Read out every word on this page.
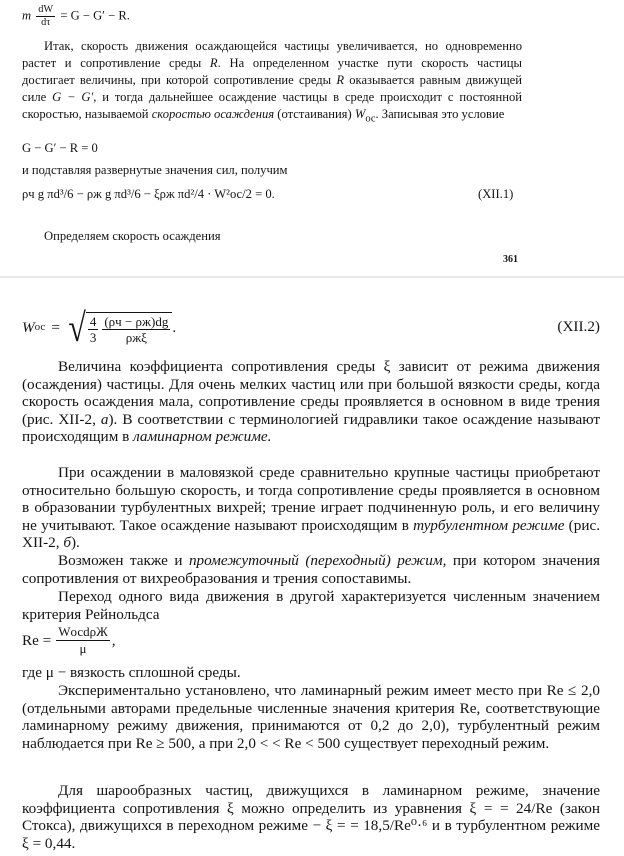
m $\frac{dW}{d\tau} = G - G' - R$.

Итак, скорость движения осаждающейся частицы увеличивается, но одновременно растет и сопротивление среды R. На определенном участке пути скорость частицы достигает величины, при которой сопротивление среды R оказывается равным движущей силе G − G′, и тогда дальнейшее осаждение частицы в среде происходит с постоянной скоростью, называемой скоростью осаждения (отстаивания) $W_{ос}$. Записывая это условие

G − G′ − R = 0
и подставляя развернутые значения сил, получим
ρч g πd³/6 − ρж g πd³/6 − ξρж πd²/4 · W²ос/2 = 0.	(XII.1)
Определяем скорость осаждения
361
W ос = √ $\frac{4}{3} \frac{(\rho ч - \rho ж)dg}{\text{ρжξ}}$ .	(XII.2)

Величина коэффициента сопротивления среды ξ зависит от режима движения (осаждения) частицы. Для очень мелких частиц или при большой вязкости среды, когда скорость осаждения мала, сопротивление среды проявляется в основном в виде трения (рис. XII-2, а). В соответствии с терминологией гидравлики такое осаждение называют происходящим в ламинарном режиме.

При осаждении в маловязкой среде сравнительно крупные частицы приобретают относительно большую скорость, и тогда сопротивление среды проявляется в основном в образовании турбулентных вихрей; трение играет подчиненную роль, и его величину не учитывают. Такое осаждение называют происходящим в турбулентном режиме (рис. XII-2, б).

Возможен также и промежуточный (переходный) режим, при котором значения сопротивления от вихреобразования и трения сопоставимы.

Переход одного вида движения в другой характеризуется численным значением критерия Рейнольдса

$Re = \frac{\text{WосdρЖ}}{\mu}$ ,
где μ − вязкость сплошной среды.

Экспериментально установлено, что ламинарный режим имеет место при Re ≤ 2,0 (отдельными авторами предельные численные значения критерия Re, соответствующие ламинарному режиму движения, принимаются от 0,2 до 2,0), турбулентный режим наблюдается при Re ≥ 500, а при 2,0 < < Re < 500 существует переходный режим.

Для шарообразных частиц, движущихся в ламинарном режиме, значение коэффициента сопротивления ξ можно определить из уравнения ξ = = 24/Re (закон Стокса), движущихся в переходном режиме − ξ = = 18,5/Re⁰·⁶ и в турбулентном режиме ξ = 0,44.
